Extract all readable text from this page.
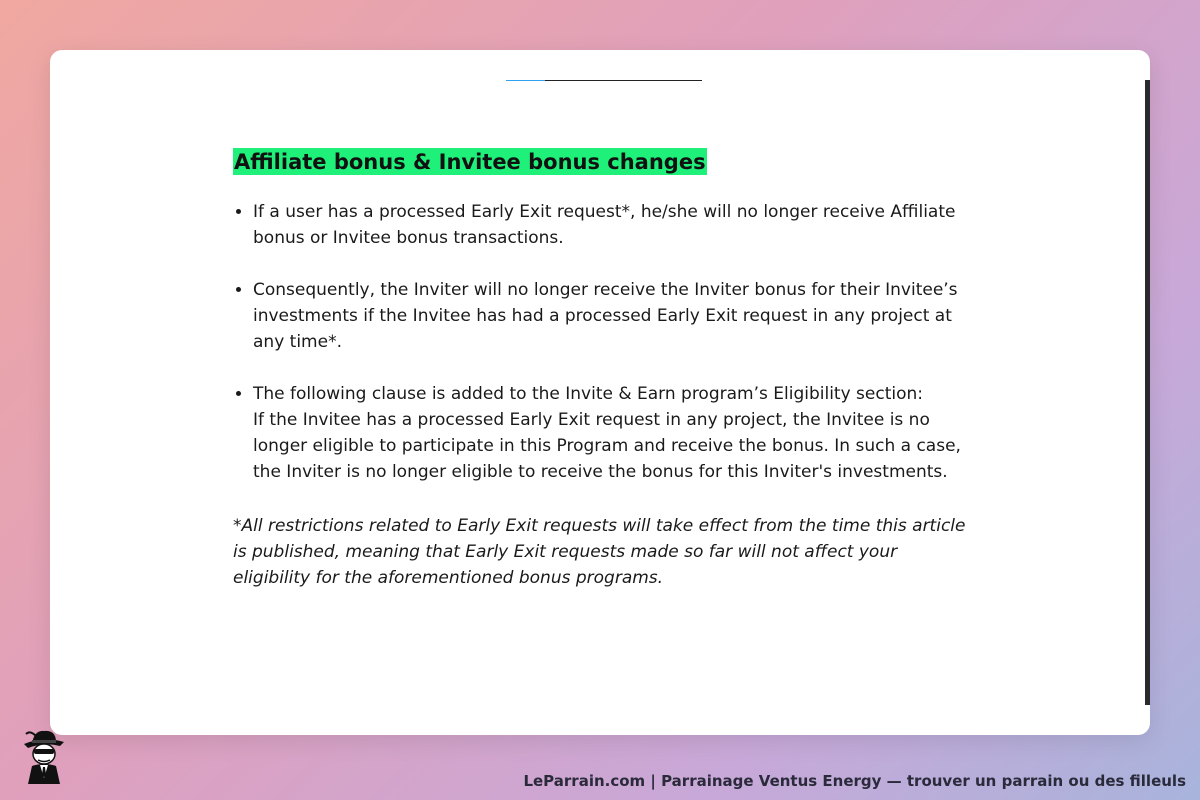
Affiliate bonus & Invitee bonus changes
• If a user has a processed Early Exit request*, he/she will no longer receive Affiliate bonus or Invitee bonus transactions.
• Consequently, the Inviter will no longer receive the Inviter bonus for their Invitee’s investments if the Invitee has had a processed Early Exit request in any project at any time*.
• The following clause is added to the Invite & Earn program’s Eligibility section:
If the Invitee has a processed Early Exit request in any project, the Invitee is no longer eligible to participate in this Program and receive the bonus. In such a case, the Inviter is no longer eligible to receive the bonus for this Inviter's investments.

*All restrictions related to Early Exit requests will take effect from the time this article is published, meaning that Early Exit requests made so far will not affect your eligibility for the aforementioned bonus programs.

LeParrain.com | Parrainage Ventus Energy — trouver un parrain ou des filleuls
